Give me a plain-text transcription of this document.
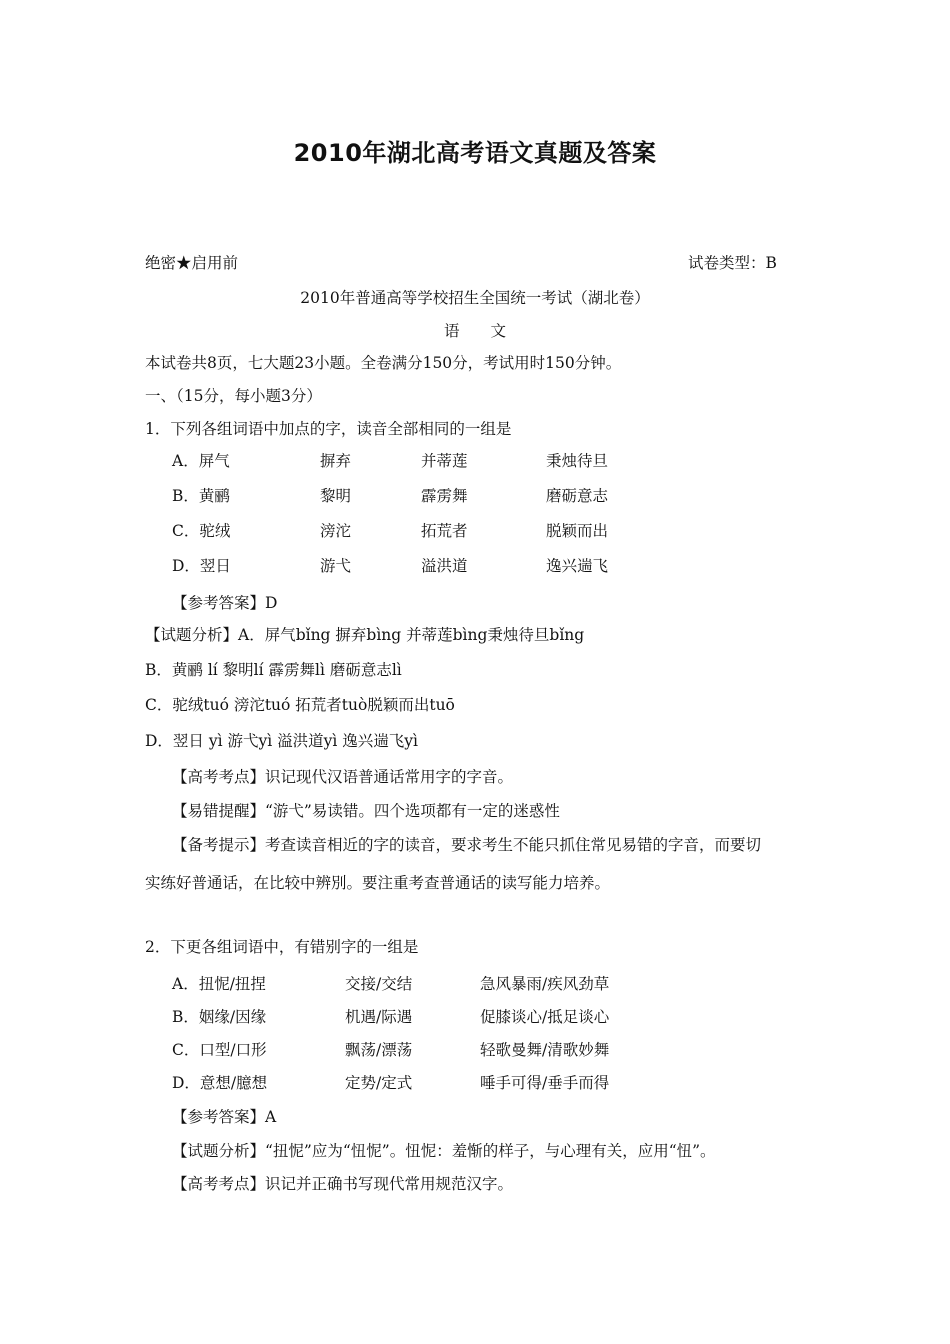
2010年湖北高考语文真题及答案
绝密★启用前	试卷类型：B
2010年普通高等学校招生全国统一考试（湖北卷）
语　　文
本试卷共8页，七大题23小题。全卷满分150分，考试用时150分钟。
一、（15分，每小题3分）
1．下列各组词语中加点的字，读音全部相同的一组是
A．屏气	摒弃	并蒂莲	秉烛待旦
B．黄鹂	黎明	霹雳舞	磨砺意志
C．驼绒	滂沱	拓荒者	脱颖而出
D．翌日	游弋	溢洪道	逸兴遄飞
【参考答案】D
【试题分析】A．屏气bǐng 摒弃bìng 并蒂莲bìng秉烛待旦bǐng
B．黄鹂 lí 黎明lí 霹雳舞lì 磨砺意志lì
C．驼绒tuó 滂沱tuó 拓荒者tuò脱颖而出tuō
D．翌日 yì 游弋yì 溢洪道yì 逸兴遄飞yì
【高考考点】识记现代汉语普通话常用字的字音。
【易错提醒】“游弋”易读错。四个选项都有一定的迷惑性
【备考提示】考查读音相近的字的读音，要求考生不能只抓住常见易错的字音，而要切
实练好普通话，在比较中辨別。要注重考查普通话的读写能力培养。
2．下更各组词语中，有错别字的一组是
A．扭怩/扭捏	交接/交结	急风暴雨/疾风劲草
B．姻缘/因缘	机遇/际遇	促膝谈心/抵足谈心
C．口型/口形	飘荡/漂荡	轻歌曼舞/清歌妙舞
D．意想/臆想	定势/定式	唾手可得/垂手而得
【参考答案】A
【试题分析】“扭怩”应为“忸怩”。忸怩：羞惭的样子，与心理有关，应用“忸”。
【高考考点】识记并正确书写现代常用规范汉字。
